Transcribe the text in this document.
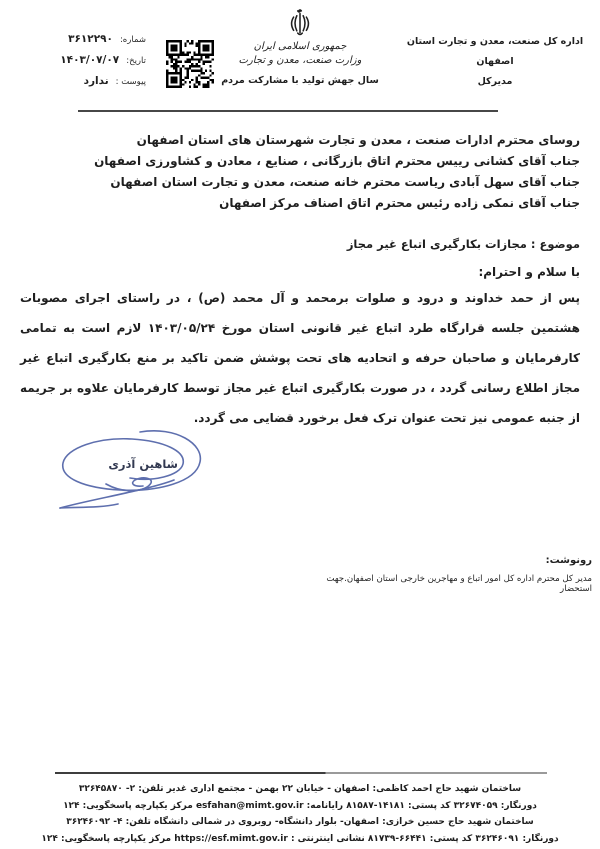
اداره کل صنعت، معدن و تجارت استان اصفهان
مدیرکل
جمهوری اسلامی ایران
وزارت صنعت، معدن و تجارت
سال جهش تولید با مشارکت مردم
شماره:
۳۶۱۲۲۹۰
تاریخ:
۱۴۰۳/۰۷/۰۷
پیوست :
ندارد
روسای محترم ادارات صنعت ، معدن و تجارت شهرستان های استان اصفهان
جناب آقای کشانی رییس محترم اتاق بازرگانی ، صنایع ، معادن و کشاورزی اصفهان
جناب آقای سهل آبادی ریاست محترم خانه صنعت، معدن و تجارت استان اصفهان
جناب آقای نمکی زاده رئیس محترم اتاق اصناف مرکز اصفهان
موضوع : مجازات بکارگیری اتباع غیر مجاز
با سلام و احترام:
پس از حمد خداوند و درود و صلوات برمحمد و آل محمد (ص) ، در راستای اجرای مصوبات هشتمین جلسه قرارگاه طرد اتباع غیر قانونی استان مورخ ۱۴۰۳/۰۵/۲۴ لازم است به تمامی کارفرمایان و صاحبان حرفه و اتحادیه های تحت پوشش ضمن تاکید بر منع بکارگیری اتباع غیر مجاز اطلاع رسانی گردد ، در صورت بکارگیری اتباع غیر مجاز توسط کارفرمایان علاوه بر جریمه از جنبه عمومی نیز تحت عنوان ترک فعل برخورد قضایی می گردد.
شاهین آذری
رونوشت:
مدیر کل محترم اداره کل امور اتباع و مهاجرین خارجی استان اصفهان.جهت استحضار
ساختمان شهید حاج احمد کاظمی: اصفهان - خیابان ۲۲ بهمن - مجتمع اداری غدیر تلفن: ۲- ۳۲۶۴۵۸۷۰
دورنگار: ۳۲۶۷۴۰۵۹ کد پستی: ۱۴۱۸۱-۸۱۵۸۷ رایانامه: esfahan@mimt.gov.ir مرکز یکپارچه پاسخگویی: ۱۲۴
ساختمان شهید حاج حسین خرازی: اصفهان- بلوار دانشگاه- روبروی در شمالی دانشگاه تلفن: ۴- ۳۶۲۴۶۰۹۲
دورنگار: ۳۶۲۴۶۰۹۱ کد پستی: ۶۶۴۴۱-۸۱۷۳۹ نشانی اینترنتی : https://esf.mimt.gov.ir مرکز یکپارچه پاسخگویی: ۱۲۴
